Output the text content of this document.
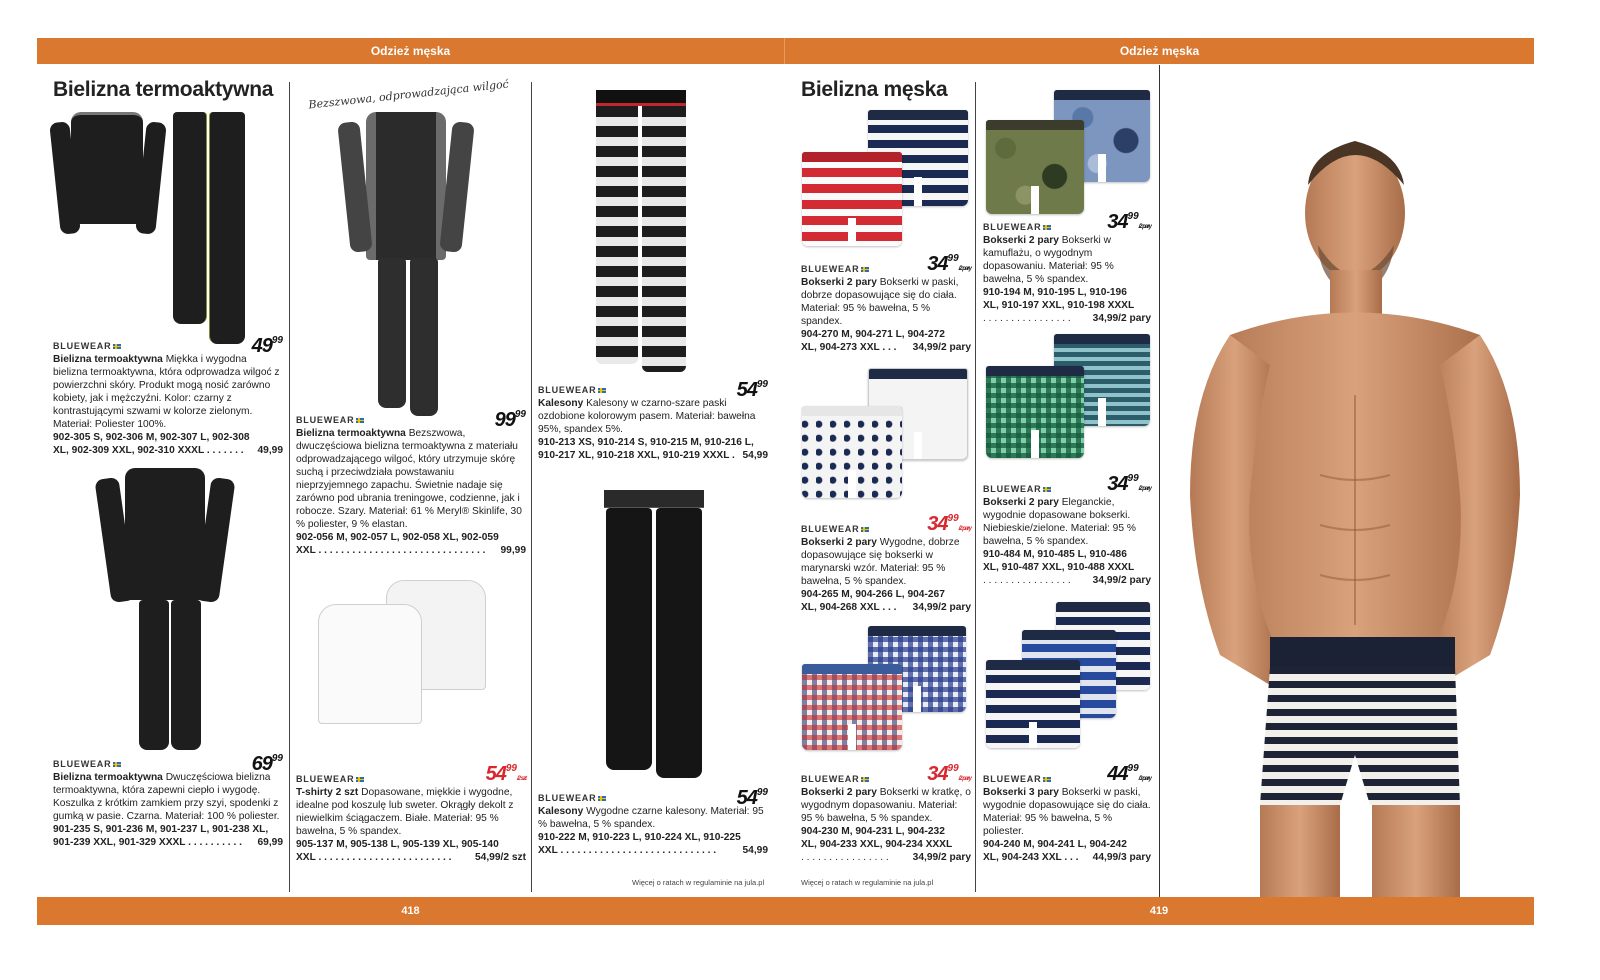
Odzież męska	Odzież męska
418	419
Bielizna termoaktywna	Bezszwowa, odprowadzająca wilgoć
BLUEWEAR	$49^{99}$
Bielizna termoaktywna Miękka i wygodna bielizna termoaktywna, która odprowadza wilgoć z powierzchni skóry. Produkt mogą nosić zarówno kobiety, jak i mężczyźni. Kolor: czarny z kontrastującymi szwami w kolorze zielonym. Materiał: Poliester 100%.
902-305 S, 902-306 M, 902-307 L, 902-308
XL, 902-309 XXL, 902-310 XXXL . . . . . . . 49,99
BLUEWEAR	$69^{99}$
Bielizna termoaktywna Dwuczęściowa bielizna termoaktywna, która zapewni ciepło i wygodę. Koszulka z krótkim zamkiem przy szyi, spodenki z gumką w pasie. Czarna. Materiał: 100 % poliester.
901-235 S, 901-236 M, 901-237 L, 901-238 XL,
901-239 XXL, 901-329 XXXL . . . . . . . . . . 69,99
BLUEWEAR	$99^{99}$
Bielizna termoaktywna Bezszwowa, dwuczęściowa bielizna termoaktywna z materiału odprowadzającego wilgoć, który utrzymuje skórę suchą i przeciwdziała powstawaniu nieprzyjemnego zapachu. Świetnie nadaje się zarówno pod ubrania treningowe, codzienne, jak i robocze. Szary. Materiał: 61 % Meryl® Skinlife, 30 % poliester, 9 % elastan.
902-056 M, 902-057 L, 902-058 XL, 902-059
XXL . . . . . . . . . . . . . . . . . . . . . . . . . . . . . . 99,99
BLUEWEAR	$54^{99}/2$ szt
T-shirty 2 szt Dopasowane, miękkie i wygodne, idealne pod koszulę lub sweter. Okrągły dekolt z niewielkim ściągaczem. Białe. Materiał: 95 % bawełna, 5 % spandex.
905-137 M, 905-138 L, 905-139 XL, 905-140
XXL . . . . . . . . . . . . . . . . . . . . . . . . 54,99/2 szt
BLUEWEAR	$54^{99}$
Kalesony Kalesony w czarno-szare paski ozdobione kolorowym pasem. Materiał: bawełna 95%, spandex 5%.
910-213 XS, 910-214 S, 910-215 M, 910-216 L,
910-217 XL, 910-218 XXL, 910-219 XXXL . 54,99
BLUEWEAR	$54^{99}$
Kalesony Wygodne czarne kalesony. Materiał: 95 % bawełna, 5 % spandex.
910-222 M, 910-223 L, 910-224 XL, 910-225
XXL . . . . . . . . . . . . . . . . . . . . . . . . . . . .	54,99
Więcej o ratach w regulaminie na jula.pl
Bielizna męska
BLUEWEAR	$34^{99}/2$ pary
Bokserki 2 pary Bokserki w paski, dobrze dopasowujące się do ciała. Materiał: 95 % bawełna, 5 % spandex.
904-270 M, 904-271 L, 904-272
XL, 904-273 XXL . . . 34,99/2 pary
BLUEWEAR	$34^{99}/2$ pary
Bokserki 2 pary Wygodne, dobrze dopasowujące się bokserki w marynarski wzór. Materiał: 95 % bawełna, 5 % spandex.
904-265 M, 904-266 L, 904-267
XL, 904-268 XXL . . . 34,99/2 pary
BLUEWEAR	$34^{99}/2$ pary
Bokserki 2 pary Bokserki w kratkę, o wygodnym dopasowaniu. Materiał: 95 % bawełna, 5 % spandex.
904-230 M, 904-231 L, 904-232
XL, 904-233 XXL, 904-234 XXXL
. . . . . . . . . . . . . . . . 34,99/2 pary
Więcej o ratach w regulaminie na jula.pl
BLUEWEAR	$34^{99}/2$ pary
Bokserki 2 pary Bokserki w kamuflażu, o wygodnym dopasowaniu. Materiał: 95 % bawełna, 5 % spandex.
910-194 M, 910-195 L, 910-196
XL, 910-197 XXL, 910-198 XXXL
. . . . . . . . . . . . . . . . 34,99/2 pary
BLUEWEAR	$34^{99}/2$ pary
Bokserki 2 pary Eleganckie, wygodnie dopasowane bokserki. Niebieskie/zielone. Materiał: 95 % bawełna, 5 % spandex.
910-484 M, 910-485 L, 910-486
XL, 910-487 XXL, 910-488 XXXL
. . . . . . . . . . . . . . . . 34,99/2 pary
BLUEWEAR	$44^{99}/3$ pary
Bokserki 3 pary Bokserki w paski, wygodnie dopasowujące się do ciała. Materiał: 95 % bawełna, 5 % poliester.
904-240 M, 904-241 L, 904-242
XL, 904-243 XXL . . . 44,99/3 pary
